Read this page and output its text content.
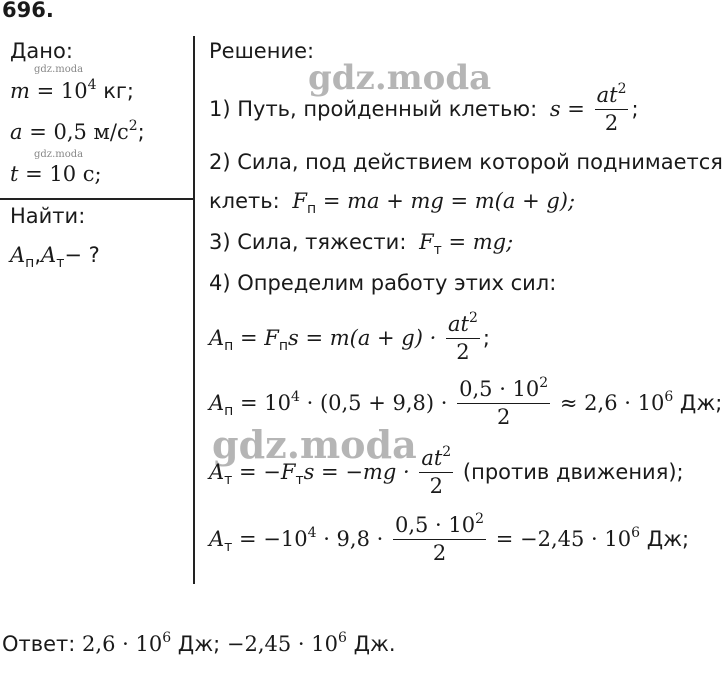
696.
Дано:
gdz.moda
$m = 10^4$ кг;
a = 0,5 $м/с^2$;
gdz.moda
t = 10 с;
Найти:
$A_п,A_т-$ ?
Решение:
gdz.moda
1) Путь, пройденный клетью: $s = \frac{at^2}{2}$ ;
2) Сила, под действием которой поднимается
клеть: $F_п$ = ma + mg = m(a + g);
3) Сила, тяжести: $F_т$ = mg;
4) Определим работу этих сил:
$A_п = F_пs = m(a + g) \cdot \frac{at^2}{2}$ ;
$A_п = 10^4 \cdot (0,5 + 9,8) \cdot \frac{0,5 \cdot 10^2}{2} \approx 2,6 \cdot 10^6$ Дж;
gdz.moda
$A_т = -F_тs = -mg \cdot \frac{at^2}{2}$ (против движения);
$A_т = -10^4 \cdot 9,8 \cdot \frac{0,5 \cdot 10^2}{2} = -2,45 \cdot 10^6$ Дж;
Ответ: $2,6 \cdot 10^6$ Дж; $-2,45 \cdot 10^6$ Дж.
